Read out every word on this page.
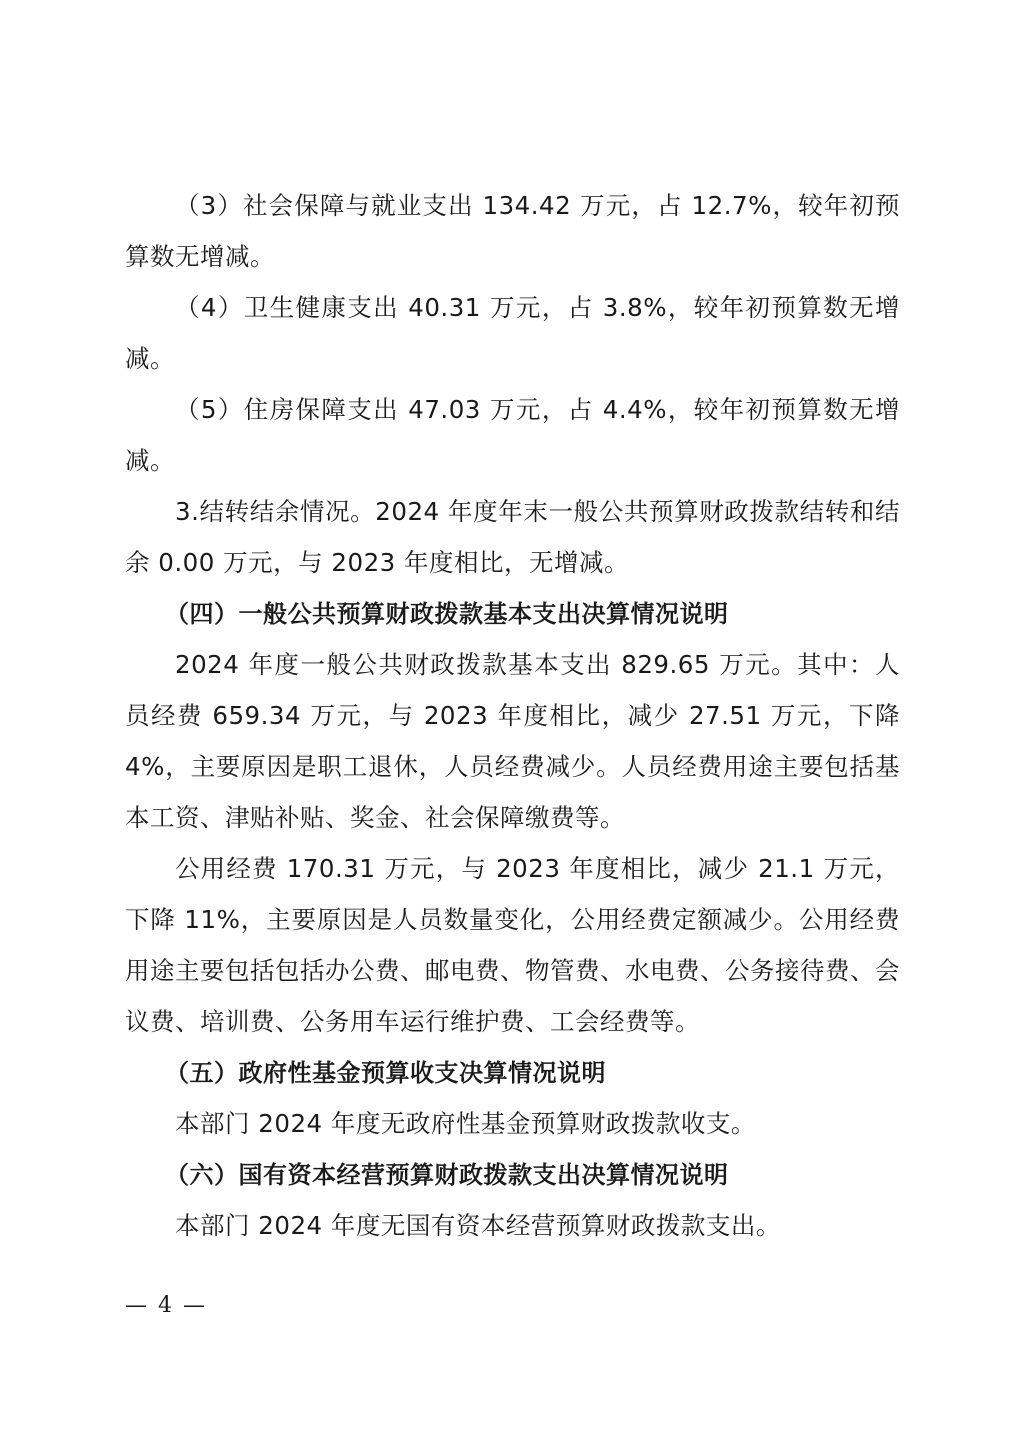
（3）社会保障与就业支出 134.42 万元，占 12.7%，较年初预算数无增减。

（4）卫生健康支出 40.31 万元，占 3.8%，较年初预算数无增减。

（5）住房保障支出 47.03 万元，占 4.4%，较年初预算数无增减。

3.结转结余情况。2024 年度年末一般公共预算财政拨款结转和结余 0.00 万元，与 2023 年度相比，无增减。

（四）一般公共预算财政拨款基本支出决算情况说明

2024 年度一般公共财政拨款基本支出 829.65 万元。其中：人员经费 659.34 万元，与 2023 年度相比，减少 27.51 万元，下降 4%，主要原因是职工退休，人员经费减少。人员经费用途主要包括基本工资、津贴补贴、奖金、社会保障缴费等。

公用经费 170.31 万元，与 2023 年度相比，减少 21.1 万元，下降 11%，主要原因是人员数量变化，公用经费定额减少。公用经费用途主要包括包括办公费、邮电费、物管费、水电费、公务接待费、会议费、培训费、公务用车运行维护费、工会经费等。

（五）政府性基金预算收支决算情况说明

本部门 2024 年度无政府性基金预算财政拨款收支。

（六）国有资本经营预算财政拨款支出决算情况说明

本部门 2024 年度无国有资本经营预算财政拨款支出。

— 4 —
